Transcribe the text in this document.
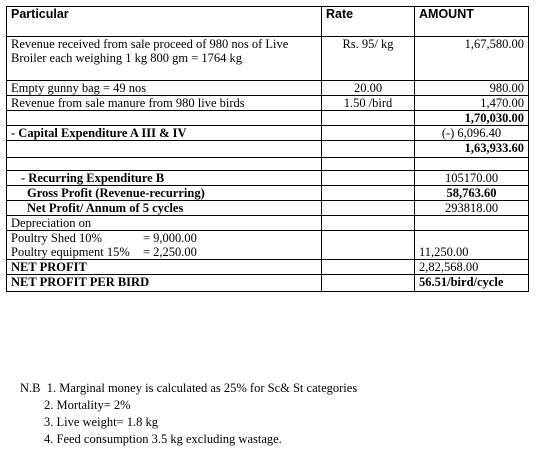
Particular	Rate	AMOUNT
Revenue received from sale proceed of 980 nos of Live Broiler each weighing 1 kg 800 gm = 1764 kg	Rs. 95/ kg	1,67,580.00
Empty gunny bag = 49 nos	20.00	980.00
Revenue from sale manure from 980 live birds	1.50 /bird	1,470.00
		1,70,030.00
- Capital Expenditure A III & IV		(-) 6,096.40
		1,63,933.60

- Recurring Expenditure B		105170.00
Gross Profit (Revenue-recurring)		58,763.60
Net Profit/ Annum of 5 cycles		293818.00
Depreciation on		

Poultry Shed 10% = 9,000.00
Poultry equipment 15% = 2,250.00		11,250.00
NET PROFIT		2,82,568.00
NET PROFIT PER BIRD		56.51/bird/cycle
N.B  1. Marginal money is calculated as 25% for Sc& St categories
2. Mortality= 2%
3. Live weight= 1.8 kg
4. Feed consumption 3.5 kg excluding wastage.
